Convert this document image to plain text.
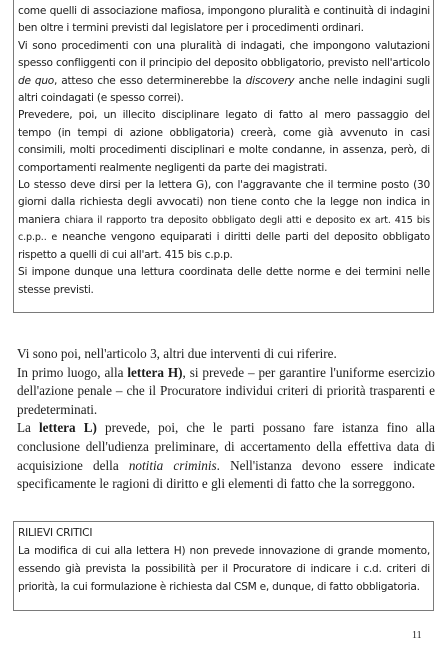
come quelli di associazione mafiosa, impongono pluralità e continuità di indagini ben oltre i termini previsti dal legislatore per i procedimenti ordinari.

Vi sono procedimenti con una pluralità di indagati, che impongono valutazioni spesso confliggenti con il principio del deposito obbligatorio, previsto nell'articolo de quo, atteso che esso determinerebbe la discovery anche nelle indagini sugli altri coindagati (e spesso correi).

Prevedere, poi, un illecito disciplinare legato di fatto al mero passaggio del tempo (in tempi di azione obbligatoria) creerà, come già avvenuto in casi consimili, molti procedimenti disciplinari e molte condanne, in assenza, però, di comportamenti realmente negligenti da parte dei magistrati.

Lo stesso deve dirsi per la lettera G), con l'aggravante che il termine posto (30 giorni dalla richiesta degli avvocati) non tiene conto che la legge non indica in maniera chiara il rapporto tra deposito obbligato degli atti e deposito ex art. 415 bis c.p.p.. e neanche vengono equiparati i diritti delle parti del deposito obbligato rispetto a quelli di cui all'art. 415 bis c.p.p.

Si impone dunque una lettura coordinata delle dette norme e dei termini nelle stesse previsti.

Vi sono poi, nell'articolo 3, altri due interventi di cui riferire.

In primo luogo, alla lettera H), si prevede – per garantire l'uniforme esercizio dell'azione penale – che il Procuratore individui criteri di priorità trasparenti e predeterminati.

La lettera L) prevede, poi, che le parti possano fare istanza fino alla conclusione dell'udienza preliminare, di accertamento della effettiva data di acquisizione della notitia criminis. Nell'istanza devono essere indicate specificamente le ragioni di diritto e gli elementi di fatto che la sorreggono.

RILIEVI CRITICI

La modifica di cui alla lettera H) non prevede innovazione di grande momento, essendo già prevista la possibilità per il Procuratore di indicare i c.d. criteri di priorità, la cui formulazione è richiesta dal CSM e, dunque, di fatto obbligatoria.

11
